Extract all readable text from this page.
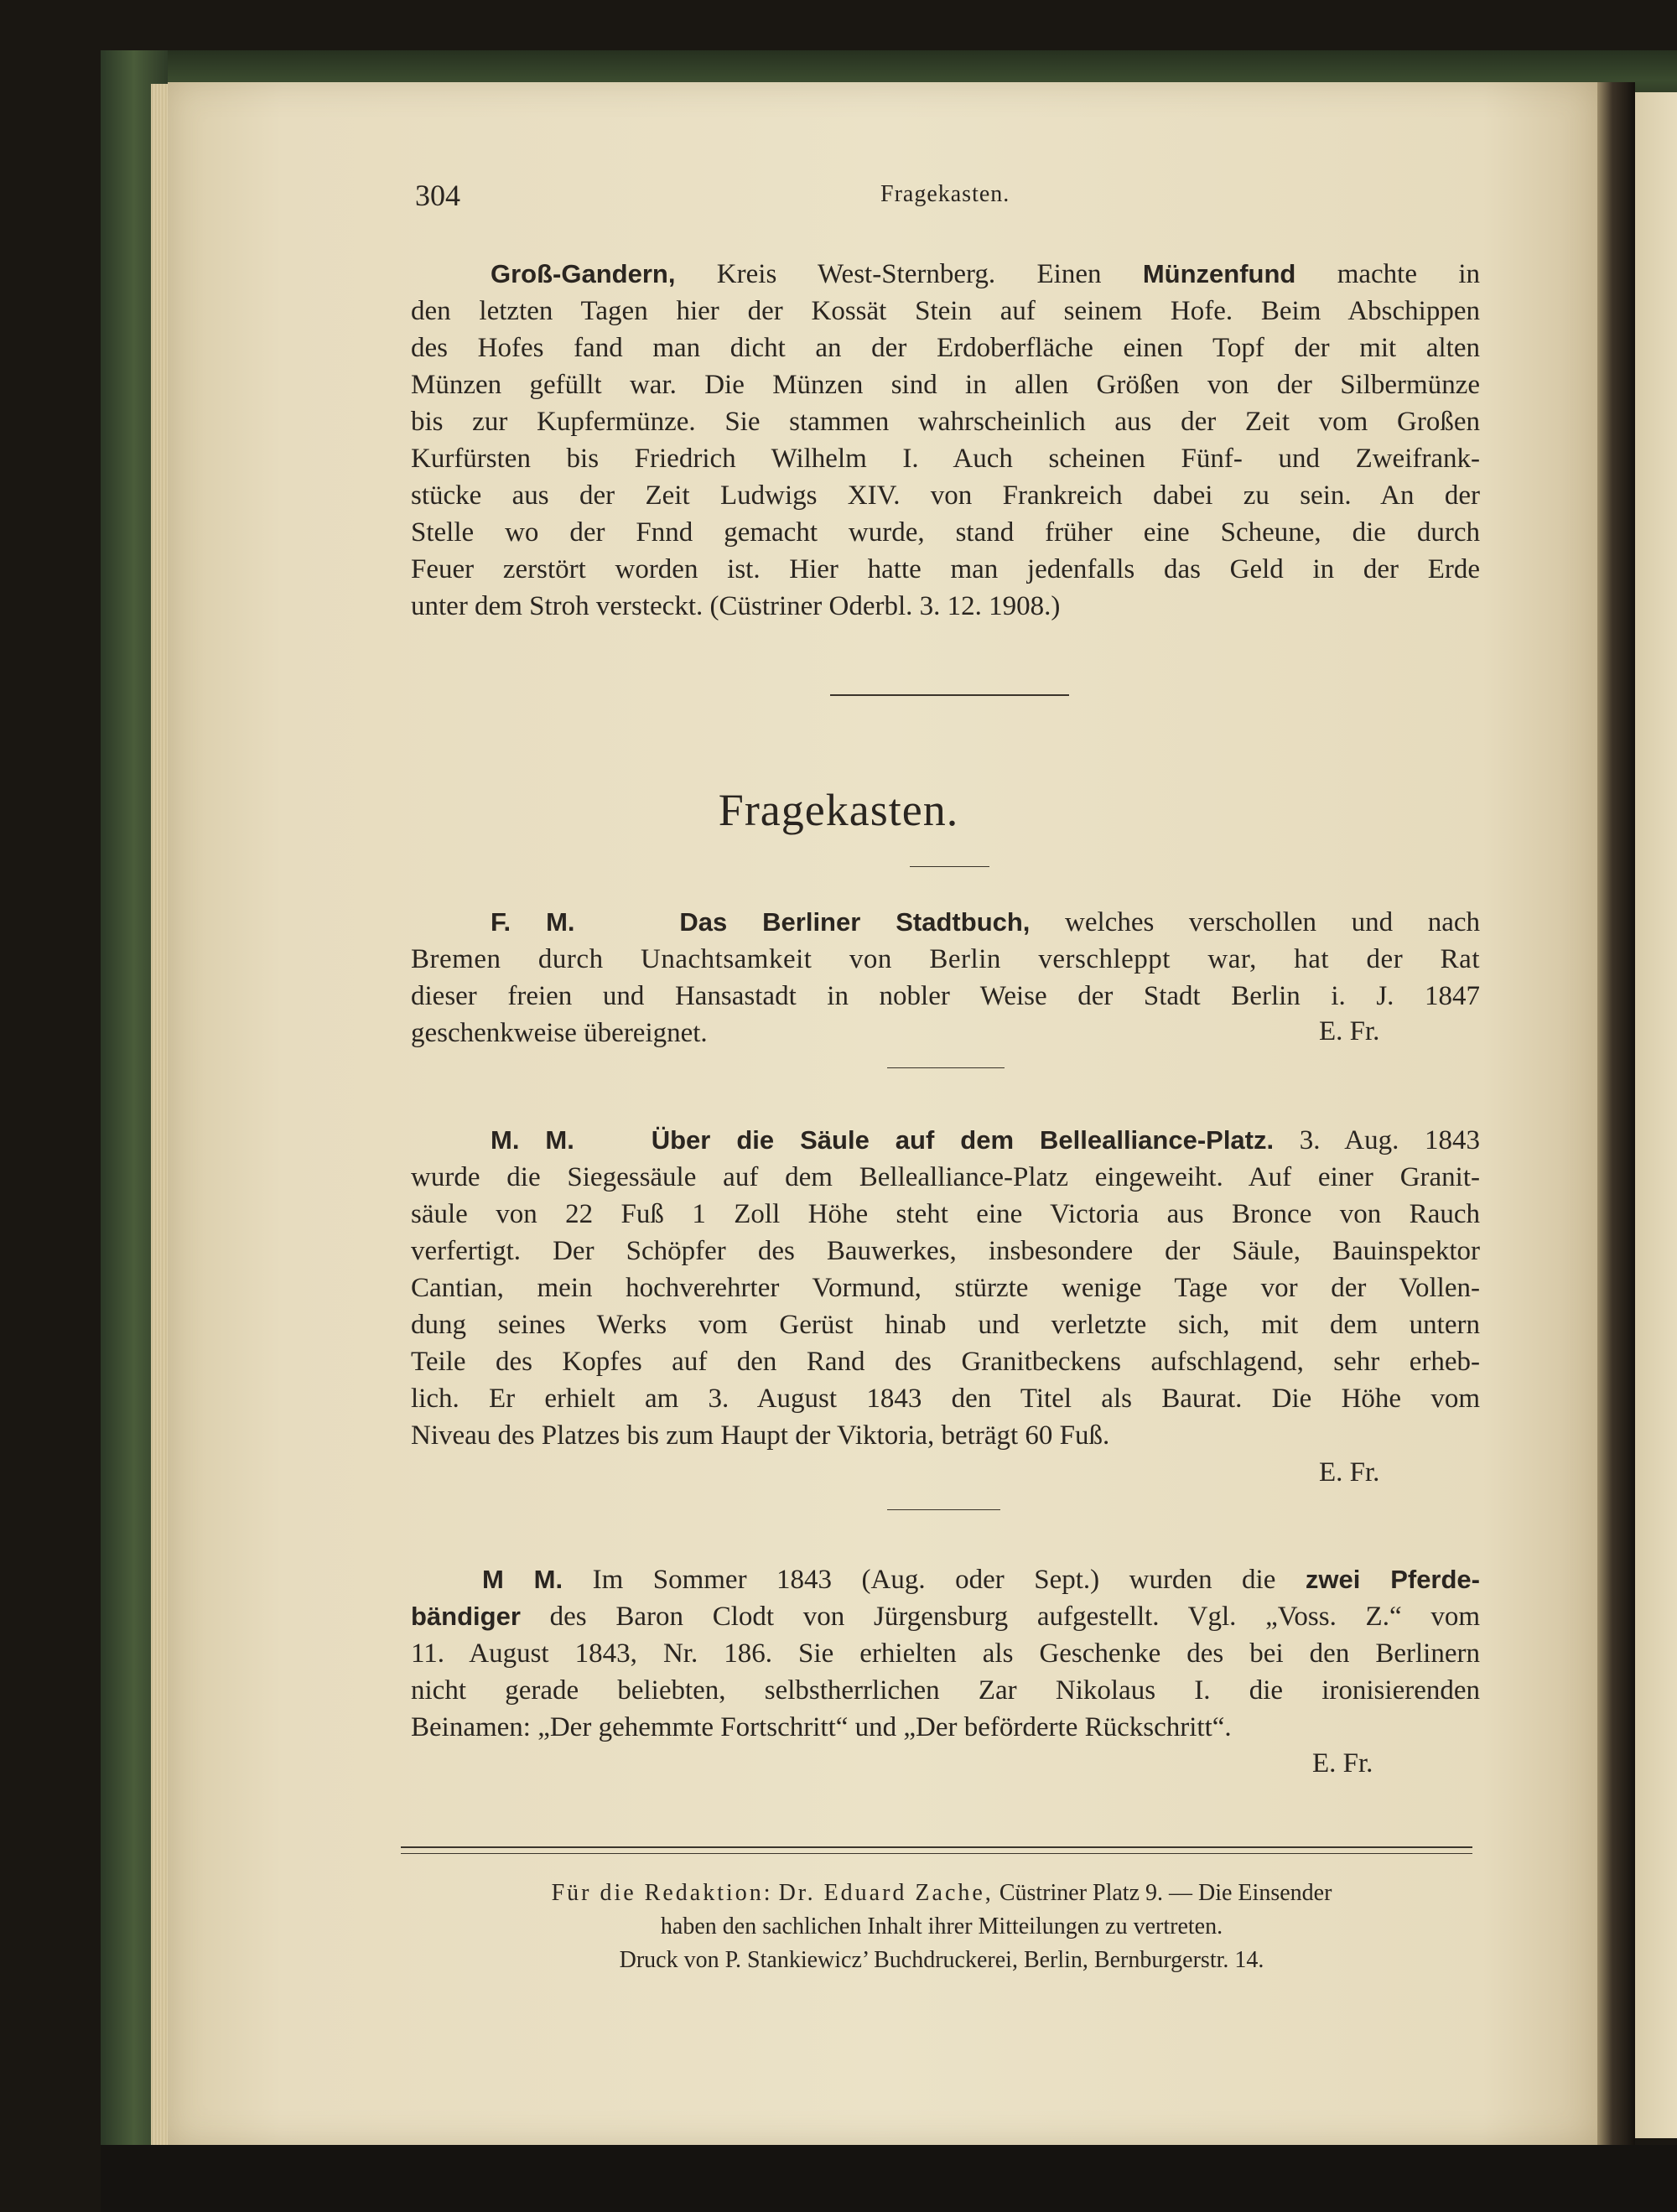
304	Fragekasten.
Groß-Gandern, Kreis West-Sternberg. Einen Münzenfund machte in
den letzten Tagen hier der Kossät Stein auf seinem Hofe. Beim Abschippen
des Hofes fand man dicht an der Erdoberfläche einen Topf der mit alten
Münzen gefüllt war. Die Münzen sind in allen Größen von der Silbermünze
bis zur Kupfermünze. Sie stammen wahrscheinlich aus der Zeit vom Großen
Kurfürsten bis Friedrich Wilhelm I. Auch scheinen Fünf- und Zweifrank-
stücke aus der Zeit Ludwigs XIV. von Frankreich dabei zu sein. An der
Stelle wo der Fnnd gemacht wurde, stand früher eine Scheune, die durch
Feuer zerstört worden ist. Hier hatte man jedenfalls das Geld in der Erde
unter dem Stroh versteckt. (Cüstriner Oderbl. 3. 12. 1908.)
Fragekasten.
F. M.	Das Berliner Stadtbuch, welches verschollen und nach
Bremen durch Unachtsamkeit von Berlin verschleppt war, hat der Rat
dieser freien und Hansastadt in nobler Weise der Stadt Berlin i. J. 1847
geschenkweise übereignet.	E. Fr.
M. M.	Über die Säule auf dem Bellealliance-Platz. 3. Aug. 1843
wurde die Siegessäule auf dem Bellealliance-Platz eingeweiht. Auf einer Granit-
säule von 22 Fuß 1 Zoll Höhe steht eine Victoria aus Bronce von Rauch
verfertigt. Der Schöpfer des Bauwerkes, insbesondere der Säule, Bauinspektor
Cantian, mein hochverehrter Vormund, stürzte wenige Tage vor der Vollen-
dung seines Werks vom Gerüst hinab und verletzte sich, mit dem untern
Teile des Kopfes auf den Rand des Granitbeckens aufschlagend, sehr erheb-
lich. Er erhielt am 3. August 1843 den Titel als Baurat. Die Höhe vom
Niveau des Platzes bis zum Haupt der Viktoria, beträgt 60 Fuß.
E. Fr.
M M. Im Sommer 1843 (Aug. oder Sept.) wurden die zwei Pferde-
bändiger des Baron Clodt von Jürgensburg aufgestellt. Vgl. „Voss. Z.“ vom
11. August 1843, Nr. 186. Sie erhielten als Geschenke des bei den Berlinern
nicht gerade beliebten, selbstherrlichen Zar Nikolaus I. die ironisierenden
Beinamen: „Der gehemmte Fortschritt“ und „Der beförderte Rückschritt“.
E. Fr.
Für die Redaktion: Dr. Eduard Zache, Cüstriner Platz 9. — Die Einsender
haben den sachlichen Inhalt ihrer Mitteilungen zu vertreten.
Druck von P. Stankiewicz’ Buchdruckerei, Berlin, Bernburgerstr. 14.
